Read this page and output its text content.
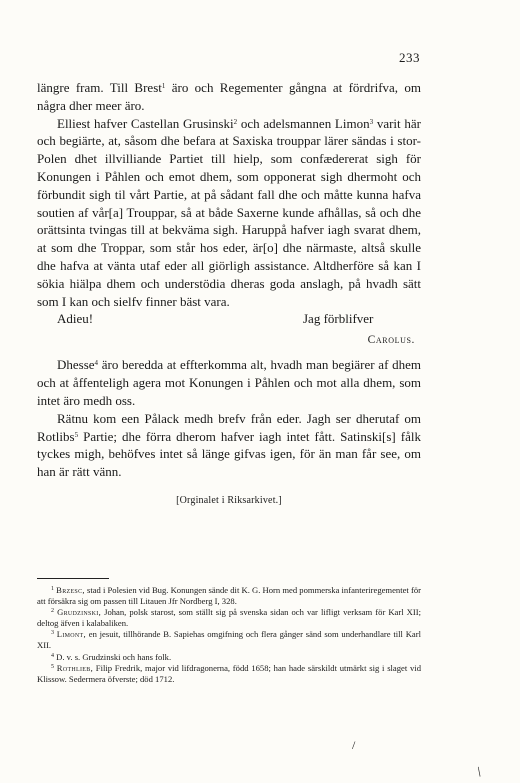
233

längre fram. Till Brest$^1$ äro och Regementer gångna at fördrifva, om några dher meer äro.

Elliest hafver Castellan Grusinski$^2$ och adelsmannen Limon$^3$ varit här och begiärte, at, såsom dhe befara at Saxiska trouppar lärer sändas i stor-Polen dhet illvilliande Partiet till hielp, som confædererat sigh för Konungen i Påhlen och emot dhem, som opponerat sigh dhermoht och förbundit sigh til vårt Partie, at på sådant fall dhe och måtte kunna hafva soutien af vår[a] Trouppar, så at både Saxerne kunde afhållas, så och dhe orättsinta tvingas till at bekväma sigh. Haruppå hafver iagh svarat dhem, at som dhe Troppar, som står hos eder, är[o] dhe närmaste, altså skulle dhe hafva at vänta utaf eder all giörligh assistance. Altdherföre så kan I sökia hiälpa dhem och understödia dheras goda anslagh, på hvadh sätt som I kan och sielfv finner bäst vara.

Adieu!	Jag förblifver
Carolus.

Dhesse$^4$ äro beredda at effterkomma alt, hvadh man begiärer af dhem och at åffenteligh agera mot Konungen i Påhlen och mot alla dhem, som intet äro medh oss.

Rätnu kom een Pålack medh brefv från eder. Jagh ser dherutaf om Rotlibs$^5$ Partie; dhe förra dherom hafver iagh intet fått. Satinski[s] fålk tyckes migh, behöfves intet så länge gifvas igen, för än man får see, om han är rätt vänn.

[Orginalet i Riksarkivet.]

$^1$ Brzesc, stad i Polesien vid Bug. Konungen sände dit K. G. Horn med pommerska infanteriregementet för att försäkra sig om passen till Litauen Jfr Nordberg I, 328.

$^2$ Grudzinski, Johan, polsk starost, som ställt sig på svenska sidan och var lifligt verksam för Karl XII; deltog äfven i kalabaliken.

$^3$ Limont, en jesuit, tillhörande B. Sapiehas omgifning och flera gånger sänd som underhandlare till Karl XII.

$^4$ D. v. s. Grudzinski och hans folk.

$^5$ Rothlieb, Filip Fredrik, major vid lifdragonerna, född 1658; han hade särskildt utmärkt sig i slaget vid Klissow. Sedermera öfverste; död 1712.

/
/
